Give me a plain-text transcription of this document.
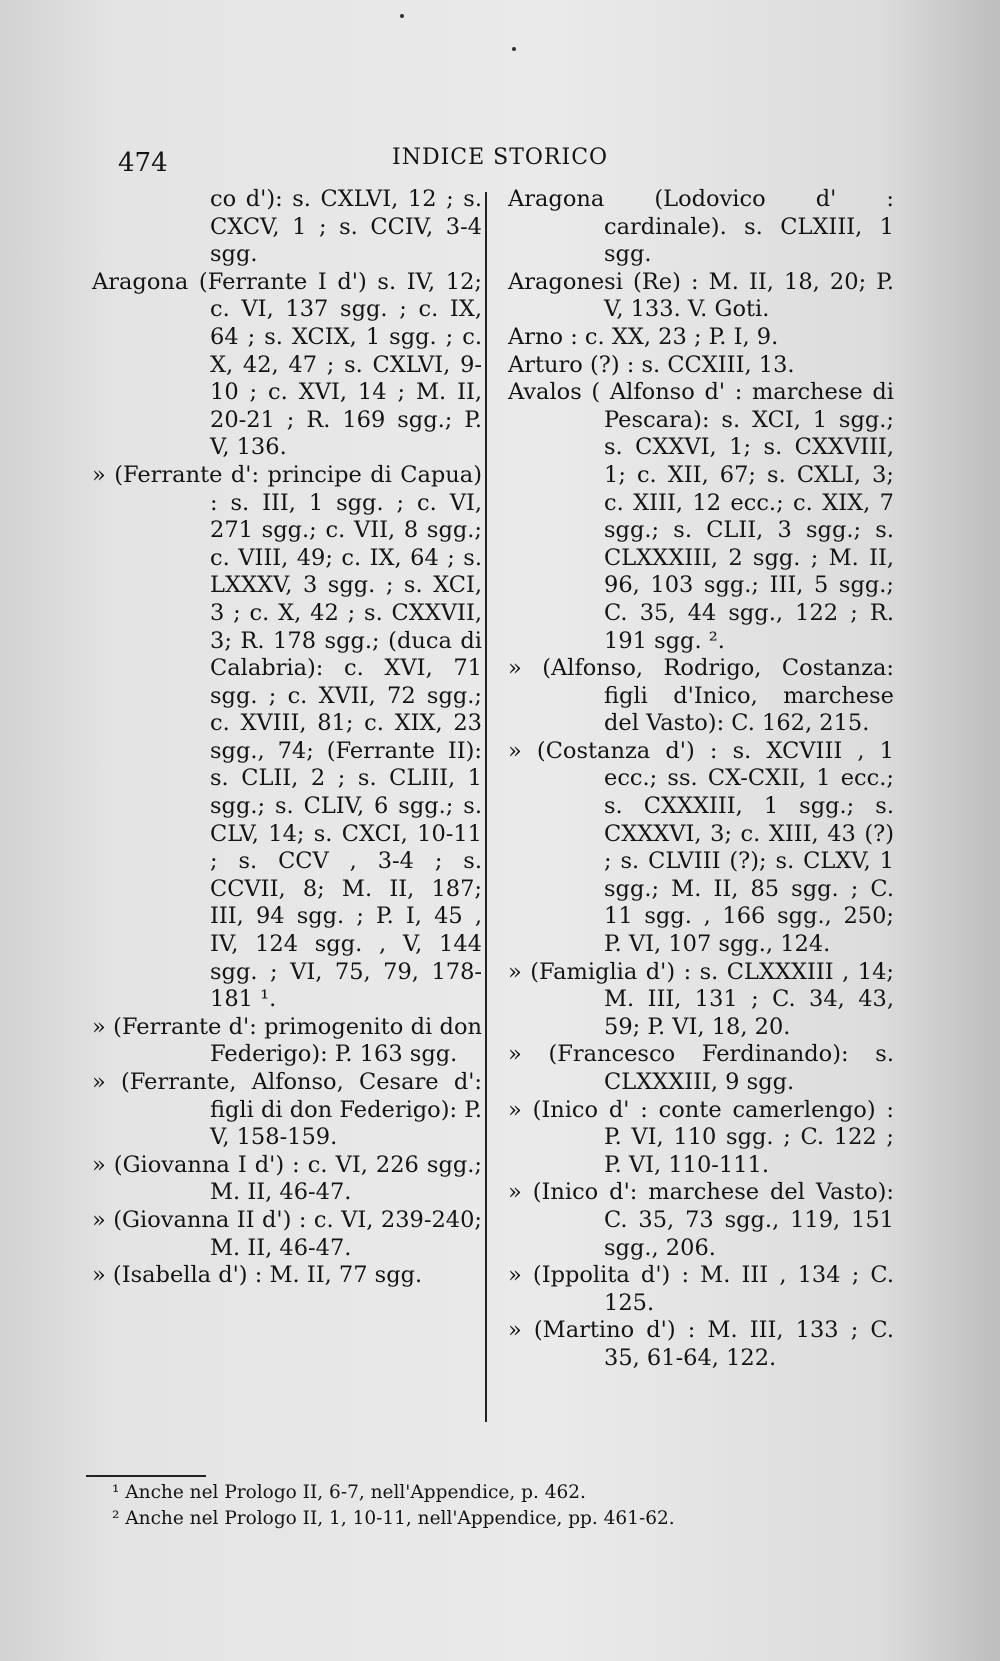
474	INDICE STORICO
co d'): s. CXLVI, 12 ; s. CXCV, 1 ; s. CCIV, 3-4 sgg.
Aragona (Ferrante I d') s. IV, 12; c. VI, 137 sgg. ; c. IX, 64 ; s. XCIX, 1 sgg. ; c. X, 42, 47 ; s. CXLVI, 9-10 ; c. XVI, 14 ; M. II, 20-21 ; R. 169 sgg.; P. V, 136.
» (Ferrante d': principe di Capua) : s. III, 1 sgg. ; c. VI, 271 sgg.; c. VII, 8 sgg.; c. VIII, 49; c. IX, 64 ; s. LXXXV, 3 sgg. ; s. XCI, 3 ; c. X, 42 ; s. CXXVII, 3; R. 178 sgg.; (duca di Calabria): c. XVI, 71 sgg. ; c. XVII, 72 sgg.; c. XVIII, 81; c. XIX, 23 sgg., 74; (Ferrante II): s. CLII, 2 ; s. CLIII, 1 sgg.; s. CLIV, 6 sgg.; s. CLV, 14; s. CXCI, 10-11 ; s. CCV , 3-4 ; s. CCVII, 8; M. II, 187; III, 94 sgg. ; P. I, 45 , IV, 124 sgg. , V, 144 sgg. ; VI, 75, 79, 178-181 ¹.
» (Ferrante d': primogenito di don Federigo): P. 163 sgg.
» (Ferrante, Alfonso, Cesare d': figli di don Federigo): P. V, 158-159.
» (Giovanna I d') : c. VI, 226 sgg.; M. II, 46-47.
» (Giovanna II d') : c. VI, 239-240; M. II, 46-47.
» (Isabella d') : M. II, 77 sgg.
Aragona (Lodovico d' : cardinale). s. CLXIII, 1 sgg.
Aragonesi (Re) : M. II, 18, 20; P. V, 133. V. Goti.
Arno : c. XX, 23 ; P. I, 9.
Arturo (?) : s. CCXIII, 13.
Avalos ( Alfonso d' : marchese di Pescara): s. XCI, 1 sgg.; s. CXXVI, 1; s. CXXVIII, 1; c. XII, 67; s. CXLI, 3; c. XIII, 12 ecc.; c. XIX, 7 sgg.; s. CLII, 3 sgg.; s. CLXXXIII, 2 sgg. ; M. II, 96, 103 sgg.; III, 5 sgg.; C. 35, 44 sgg., 122 ; R. 191 sgg. ².
» (Alfonso, Rodrigo, Costanza: figli d'Inico, marchese del Vasto): C. 162, 215.
» (Costanza d') : s. XCVIII , 1 ecc.; ss. CX-CXII, 1 ecc.; s. CXXXIII, 1 sgg.; s. CXXXVI, 3; c. XIII, 43 (?) ; s. CLVIII (?); s. CLXV, 1 sgg.; M. II, 85 sgg. ; C. 11 sgg. , 166 sgg., 250; P. VI, 107 sgg., 124.
» (Famiglia d') : s. CLXXXIII , 14; M. III, 131 ; C. 34, 43, 59; P. VI, 18, 20.
» (Francesco Ferdinando): s. CLXXXIII, 9 sgg.
» (Inico d' : conte camerlengo) : P. VI, 110 sgg. ; C. 122 ; P. VI, 110-111.
» (Inico d': marchese del Vasto): C. 35, 73 sgg., 119, 151 sgg., 206.
» (Ippolita d') : M. III , 134 ; C. 125.
» (Martino d') : M. III, 133 ; C. 35, 61-64, 122.
¹ Anche nel Prologo II, 6-7, nell'Appendice, p. 462.
² Anche nel Prologo II, 1, 10-11, nell'Appendice, pp. 461-62.
